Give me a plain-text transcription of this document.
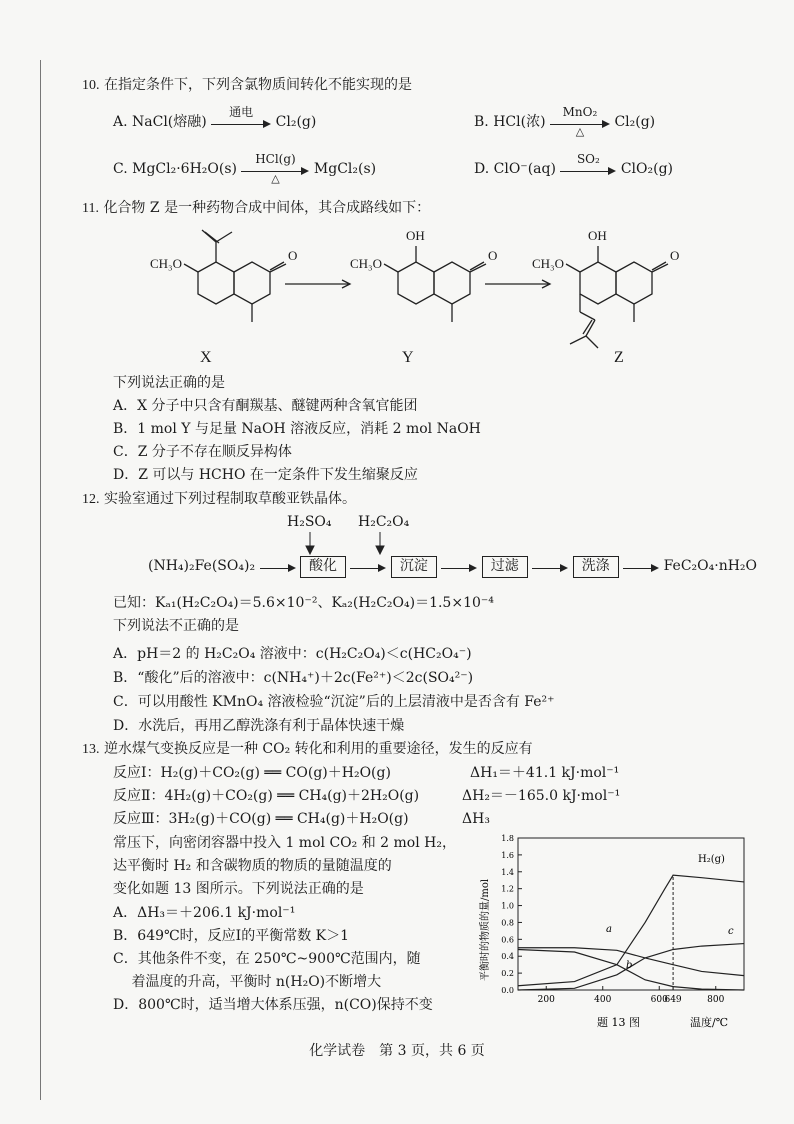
10. 在指定条件下，下列含氯物质间转化不能实现的是
A. NaCl(熔融)
通电
Cl₂(g)	B. HCl(浓)
MnO₂
△
Cl₂(g)
C. MgCl₂·6H₂O(s)
HCl(g)
△
MgCl₂(s)	D. ClO⁻(aq)
SO₂
ClO₂(g)
11. 化合物 Z 是一种药物合成中间体，其合成路线如下：
CH₃O
O
CH₃O
OH
O
CH₃O
OH
O
X	Y	Z
下列说法正确的是
A．X 分子中只含有酮羰基、醚键两种含氧官能团
B．1 mol Y 与足量 NaOH 溶液反应，消耗 2 mol NaOH
C．Z 分子不存在顺反异构体
D．Z 可以与 HCHO 在一定条件下发生缩聚反应
12. 实验室通过下列过程制取草酸亚铁晶体。
H₂SO₄ H₂C₂O₄
(NH₄)₂Fe(SO₄)₂	酸化	沉淀	过滤	洗涤	FeC₂O₄·nH₂O
已知：Kₐ₁(H₂C₂O₄)＝5.6×10⁻²、Kₐ₂(H₂C₂O₄)＝1.5×10⁻⁴
下列说法不正确的是
A．pH＝2 的 H₂C₂O₄ 溶液中：c(H₂C₂O₄)＜c(HC₂O₄⁻)
B．“酸化”后的溶液中：c(NH₄⁺)＋2c(Fe²⁺)＜2c(SO₄²⁻)
C．可以用酸性 KMnO₄ 溶液检验“沉淀”后的上层清液中是否含有 Fe²⁺
D．水洗后，再用乙醇洗涤有利于晶体快速干燥
13. 逆水煤气变换反应是一种 CO₂ 转化和利用的重要途径，发生的反应有
反应Ⅰ：H₂(g)＋CO₂(g) ══ CO(g)＋H₂O(g)	ΔH₁＝＋41.1 kJ·mol⁻¹
反应Ⅱ：4H₂(g)＋CO₂(g) ══ CH₄(g)＋2H₂O(g)	ΔH₂＝－165.0 kJ·mol⁻¹
反应Ⅲ：3H₂(g)＋CO(g) ══ CH₄(g)＋H₂O(g)	ΔH₃
常压下，向密闭容器中投入 1 mol CO₂ 和 2 mol H₂，
达平衡时 H₂ 和含碳物质的物质的量随温度的
变化如题 13 图所示。下列说法正确的是
A．ΔH₃＝＋206.1 kJ·mol⁻¹
B．649℃时，反应Ⅰ的平衡常数 K＞1
C．其他条件不变，在 250℃~900℃范围内，随
　 着温度的升高，平衡时 n(H₂O)不断增大
D．800℃时，适当增大体系压强，n(CO)保持不变
平衡时的物质的量/mol
温度/℃
题 13 图
0.0
0.2
0.4
0.6
0.8
1.0
1.2
1.4
1.6
1.8
200	400	600
649	800
H₂(g)
a
b
c
化学试卷　第 3 页，共 6 页
